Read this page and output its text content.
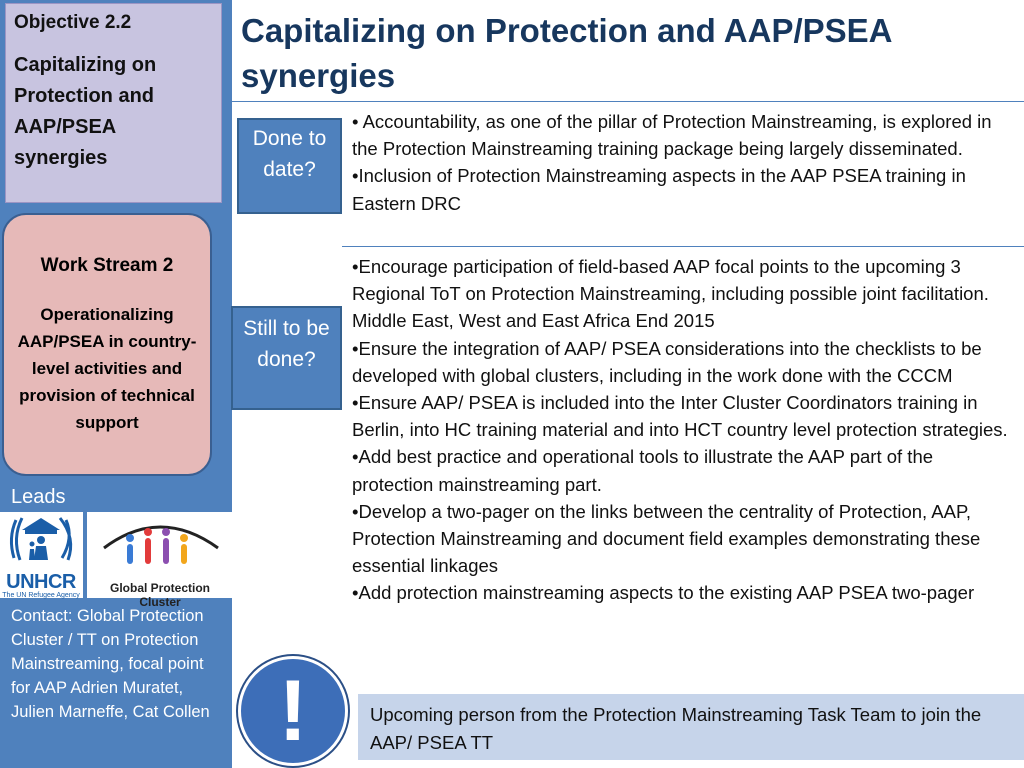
Objective 2.2
Capitalizing on Protection and AAP/PSEA synergies
Work Stream 2
Operationalizing AAP/PSEA in country-level activities and provision of technical support
Leads
UNHCR
The UN Refugee Agency
Global Protection Cluster
Contact: Global Protection Cluster / TT on Protection Mainstreaming, focal point for AAP Adrien Muratet, Julien Marneffe, Cat Collen !
Capitalizing on Protection and AAP/PSEA synergies
Done to date?

• Accountability, as one of the pillar of Protection Mainstreaming, is explored in the Protection Mainstreaming training package being largely disseminated.

•Inclusion of Protection Mainstreaming aspects in the AAP PSEA training in Eastern DRC

Still to be done?

•Encourage participation of field-based AAP focal points to the upcoming 3 Regional ToT on Protection Mainstreaming, including possible joint facilitation. Middle East, West and East Africa End 2015

•Ensure the integration of AAP/ PSEA considerations into the checklists to be developed with global clusters, including in the work done with the CCCM

•Ensure AAP/ PSEA is included into the Inter Cluster Coordinators training in Berlin, into HC training material and into HCT country level protection strategies.

•Add best practice and operational tools to illustrate the AAP part of the protection mainstreaming part.

•Develop a two-pager on the links between the centrality of Protection, AAP, Protection Mainstreaming and document field examples demonstrating these essential linkages

•Add protection mainstreaming aspects to the existing AAP PSEA two-pager

Upcoming person from the Protection Mainstreaming Task Team to join the AAP/ PSEA TT
